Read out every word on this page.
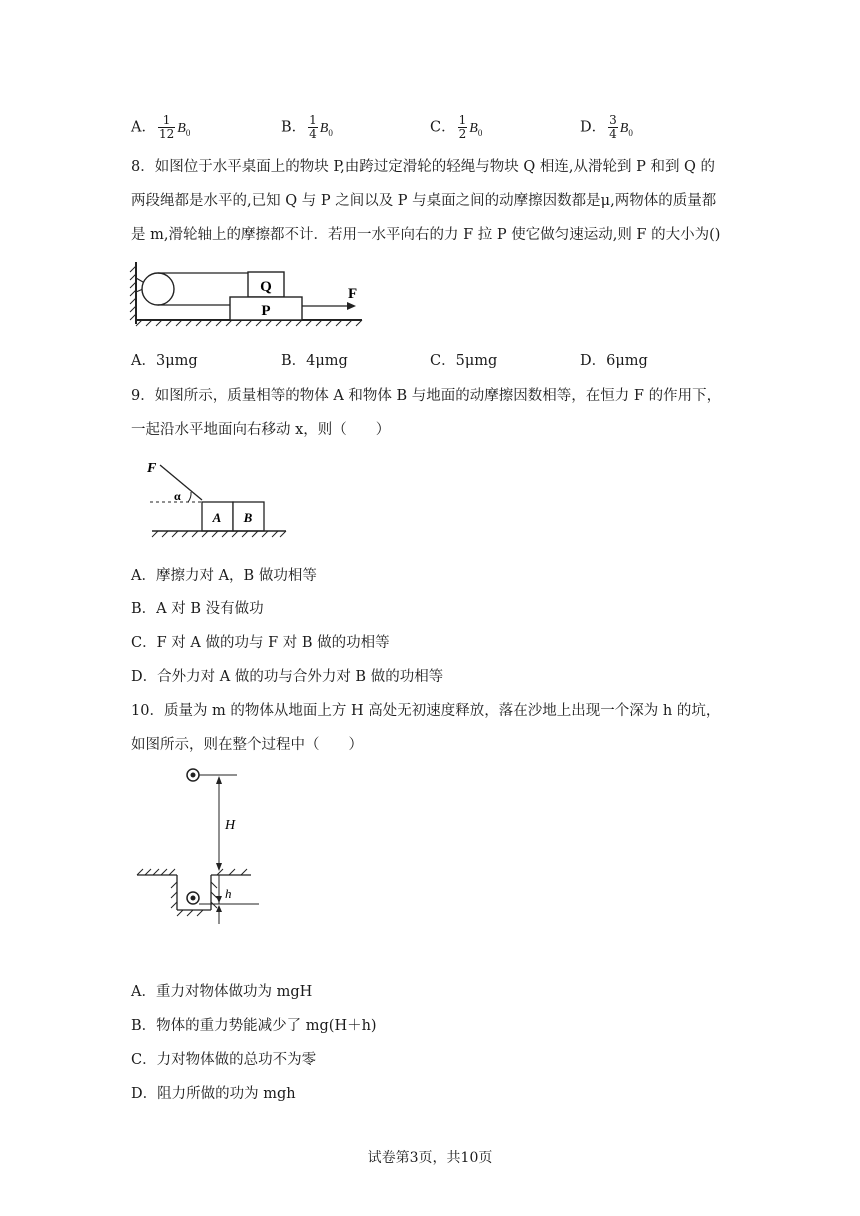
A． $\frac{1}{12} B_0$	B． $\frac{1}{4} B_0$	C． $\frac{1}{2} B_0$	D． $\frac{3}{4} B_0$
8．如图位于水平桌面上的物块 P,由跨过定滑轮的轻绳与物块 Q 相连,从滑轮到 P 和到 Q 的
两段绳都是水平的,已知 Q 与 P 之间以及 P 与桌面之间的动摩擦因数都是μ,两物体的质量都
是 m,滑轮轴上的摩擦都不计．若用一水平向右的力 F 拉 P 使它做匀速运动,则 F 的大小为()
Q
P
F
A．3μmg	B．4μmg	C．5μmg	D．6μmg
9．如图所示，质量相等的物体 A 和物体 B 与地面的动摩擦因数相等，在恒力 F 的作用下，
一起沿水平地面向右移动 x，则（　　）
F
α
A B
A．摩擦力对 A，B 做功相等
B．A 对 B 没有做功
C．F 对 A 做的功与 F 对 B 做的功相等
D．合外力对 A 做的功与合外力对 B 做的功相等
10．质量为 m 的物体从地面上方 H 高处无初速度释放，落在沙地上出现一个深为 h 的坑，
如图所示，则在整个过程中（　　）
H
h
A．重力对物体做功为 mgH
B．物体的重力势能减少了 mg(H＋h)
C．力对物体做的总功不为零
D．阻力所做的功为 mgh
试卷第3页，共10页
